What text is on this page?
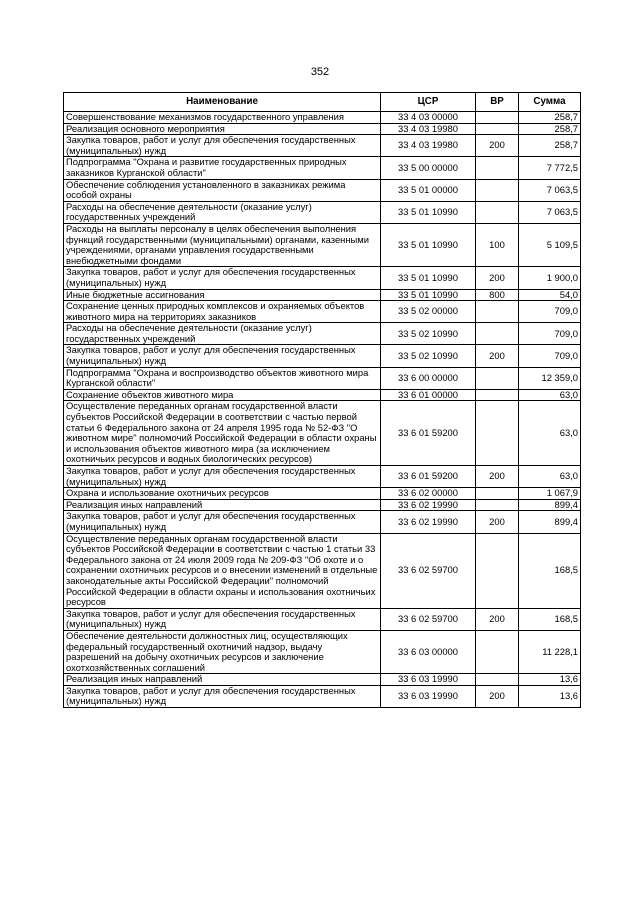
352
Наименование	ЦСР	ВР	Сумма
Совершенствование механизмов государственного управления	33 4 03 00000		258,7
Реализация основного мероприятия	33 4 03 19980		258,7
Закупка товаров, работ и услуг для обеспечения государственных (муниципальных) нужд	33 4 03 19980	200	258,7
Подпрограмма "Охрана и развитие государственных природных заказников Курганской области"	33 5 00 00000		7 772,5
Обеспечение соблюдения установленного в заказниках режима особой охраны	33 5 01 00000		7 063,5
Расходы на обеспечение деятельности (оказание услуг) государственных учреждений	33 5 01 10990		7 063,5
Расходы на выплаты персоналу в целях обеспечения выполнения функций государственными (муниципальными) органами, казенными учреждениями, органами управления государственными внебюджетными фондами	33 5 01 10990	100	5 109,5
Закупка товаров, работ и услуг для обеспечения государственных (муниципальных) нужд	33 5 01 10990	200	1 900,0
Иные бюджетные ассигнования	33 5 01 10990	800	54,0
Сохранение ценных природных комплексов и охраняемых объектов животного мира на территориях заказников	33 5 02 00000		709,0
Расходы на обеспечение деятельности (оказание услуг) государственных учреждений	33 5 02 10990		709,0
Закупка товаров, работ и услуг для обеспечения государственных (муниципальных) нужд	33 5 02 10990	200	709,0
Подпрограмма "Охрана и воспроизводство объектов животного мира Курганской области"	33 6 00 00000		12 359,0
Сохранение объектов животного мира	33 6 01 00000		63,0
Осуществление переданных органам государственной власти субъектов Российской Федерации в соответствии с частью первой статьи 6 Федерального закона от 24 апреля 1995 года № 52-ФЗ "О животном мире" полномочий Российской Федерации в области охраны и использования объектов животного мира (за исключением охотничьих ресурсов и водных биологических ресурсов)	33 6 01 59200		63,0
Закупка товаров, работ и услуг для обеспечения государственных (муниципальных) нужд	33 6 01 59200	200	63,0
Охрана и использование охотничьих ресурсов	33 6 02 00000		1 067,9
Реализация иных направлений	33 6 02 19990		899,4
Закупка товаров, работ и услуг для обеспечения государственных (муниципальных) нужд	33 6 02 19990	200	899,4
Осуществление переданных органам государственной власти субъектов Российской Федерации в соответствии с частью 1 статьи 33 Федерального закона от 24 июля 2009 года № 209-ФЗ "Об охоте и о сохранении охотничьих ресурсов и о внесении изменений в отдельные законодательные акты Российской Федерации" полномочий Российской Федерации в области охраны и использования охотничьих ресурсов	33 6 02 59700		168,5
Закупка товаров, работ и услуг для обеспечения государственных (муниципальных) нужд	33 6 02 59700	200	168,5
Обеспечение деятельности должностных лиц, осуществляющих федеральный государственный охотничий надзор, выдачу разрешений на добычу охотничьих ресурсов и заключение охотхозяйственных соглашений	33 6 03 00000		11 228,1
Реализация иных направлений	33 6 03 19990		13,6
Закупка товаров, работ и услуг для обеспечения государственных (муниципальных) нужд	33 6 03 19990	200	13,6
